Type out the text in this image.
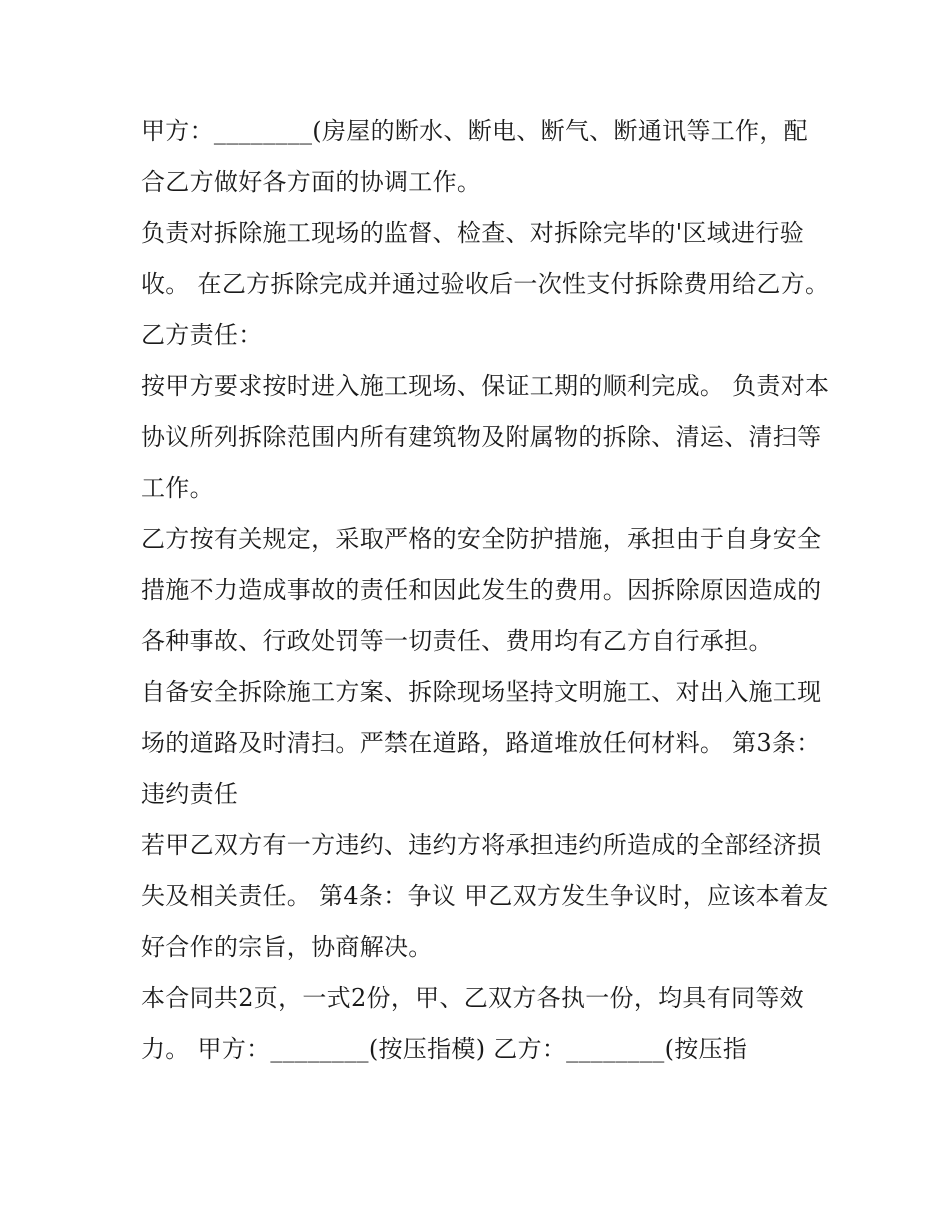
甲方：________(房屋的断水、断电、断气、断通讯等工作，配合乙方做好各方面的协调工作。

负责对拆除施工现场的监督、检查、对拆除完毕的'区域进行验收。 在乙方拆除完成并通过验收后一次性支付拆除费用给乙方。 乙方责任：

按甲方要求按时进入施工现场、保证工期的顺利完成。 负责对本协议所列拆除范围内所有建筑物及附属物的拆除、清运、清扫等工作。

乙方按有关规定，采取严格的安全防护措施，承担由于自身安全措施不力造成事故的责任和因此发生的费用。因拆除原因造成的各种事故、行政处罚等一切责任、费用均有乙方自行承担。

自备安全拆除施工方案、拆除现场坚持文明施工、对出入施工现场的道路及时清扫。严禁在道路，路道堆放任何材料。 第3条：违约责任

若甲乙双方有一方违约、违约方将承担违约所造成的全部经济损失及相关责任。 第4条：争议 甲乙双方发生争议时，应该本着友好合作的宗旨，协商解决。

本合同共2页，一式2份，甲、乙双方各执一份，均具有同等效力。 甲方：________(按压指模) 乙方：________(按压指
